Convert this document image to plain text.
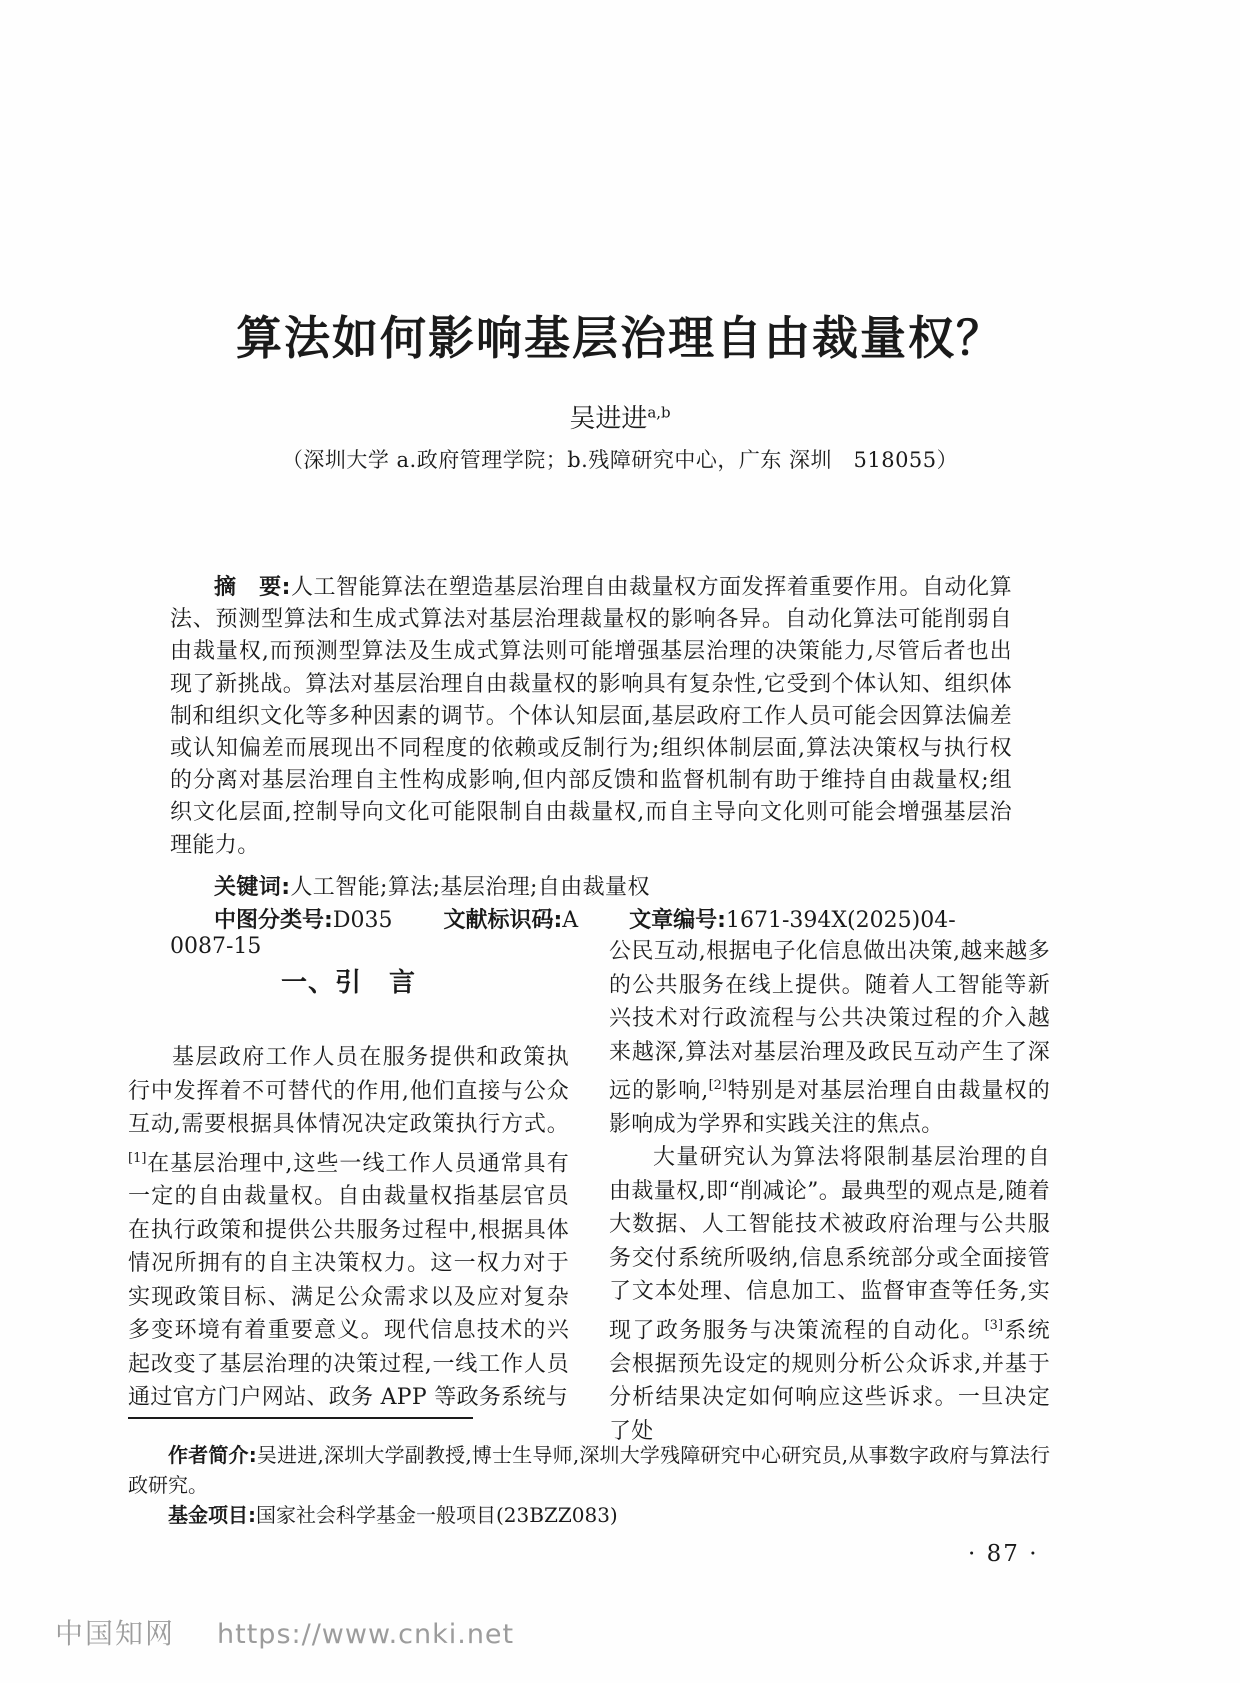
算法如何影响基层治理自由裁量权？
吴进进$^{a,b}$
（深圳大学 a.政府管理学院；b.残障研究中心，广东 深圳　518055）

摘　要:人工智能算法在塑造基层治理自由裁量权方面发挥着重要作用。自动化算法、预测型算法和生成式算法对基层治理裁量权的影响各异。自动化算法可能削弱自由裁量权,而预测型算法及生成式算法则可能增强基层治理的决策能力,尽管后者也出现了新挑战。算法对基层治理自由裁量权的影响具有复杂性,它受到个体认知、组织体制和组织文化等多种因素的调节。个体认知层面,基层政府工作人员可能会因算法偏差或认知偏差而展现出不同程度的依赖或反制行为;组织体制层面,算法决策权与执行权的分离对基层治理自主性构成影响,但内部反馈和监督机制有助于维持自由裁量权;组织文化层面,控制导向文化可能限制自由裁量权,而自主导向文化则可能会增强基层治理能力。

关键词:人工智能;算法;基层治理;自由裁量权

中图分类号:D035 文献标识码:A 文章编号:1671-394X(2025)04-0087-15

一、引　言

基层政府工作人员在服务提供和政策执行中发挥着不可替代的作用,他们直接与公众互动,需要根据具体情况决定政策执行方式。[1]在基层治理中,这些一线工作人员通常具有一定的自由裁量权。自由裁量权指基层官员在执行政策和提供公共服务过程中,根据具体情况所拥有的自主决策权力。这一权力对于实现政策目标、满足公众需求以及应对复杂多变环境有着重要意义。现代信息技术的兴起改变了基层治理的决策过程,一线工作人员通过官方门户网站、政务 APP 等政务系统与

公民互动,根据电子化信息做出决策,越来越多的公共服务在线上提供。随着人工智能等新兴技术对行政流程与公共决策过程的介入越来越深,算法对基层治理及政民互动产生了深远的影响,[2]特别是对基层治理自由裁量权的影响成为学界和实践关注的焦点。

大量研究认为算法将限制基层治理的自由裁量权,即“削减论”。最典型的观点是,随着大数据、人工智能技术被政府治理与公共服务交付系统所吸纳,信息系统部分或全面接管了文本处理、信息加工、监督审查等任务,实现了政务服务与决策流程的自动化。[3]系统会根据预先设定的规则分析公众诉求,并基于分析结果决定如何响应这些诉求。一旦决定了处

作者简介:吴进进,深圳大学副教授,博士生导师,深圳大学残障研究中心研究员,从事数字政府与算法行政研究。

基金项目:国家社会科学基金一般项目(23BZZ083)

· 87 ·
中国知网 https://www.cnki.net
